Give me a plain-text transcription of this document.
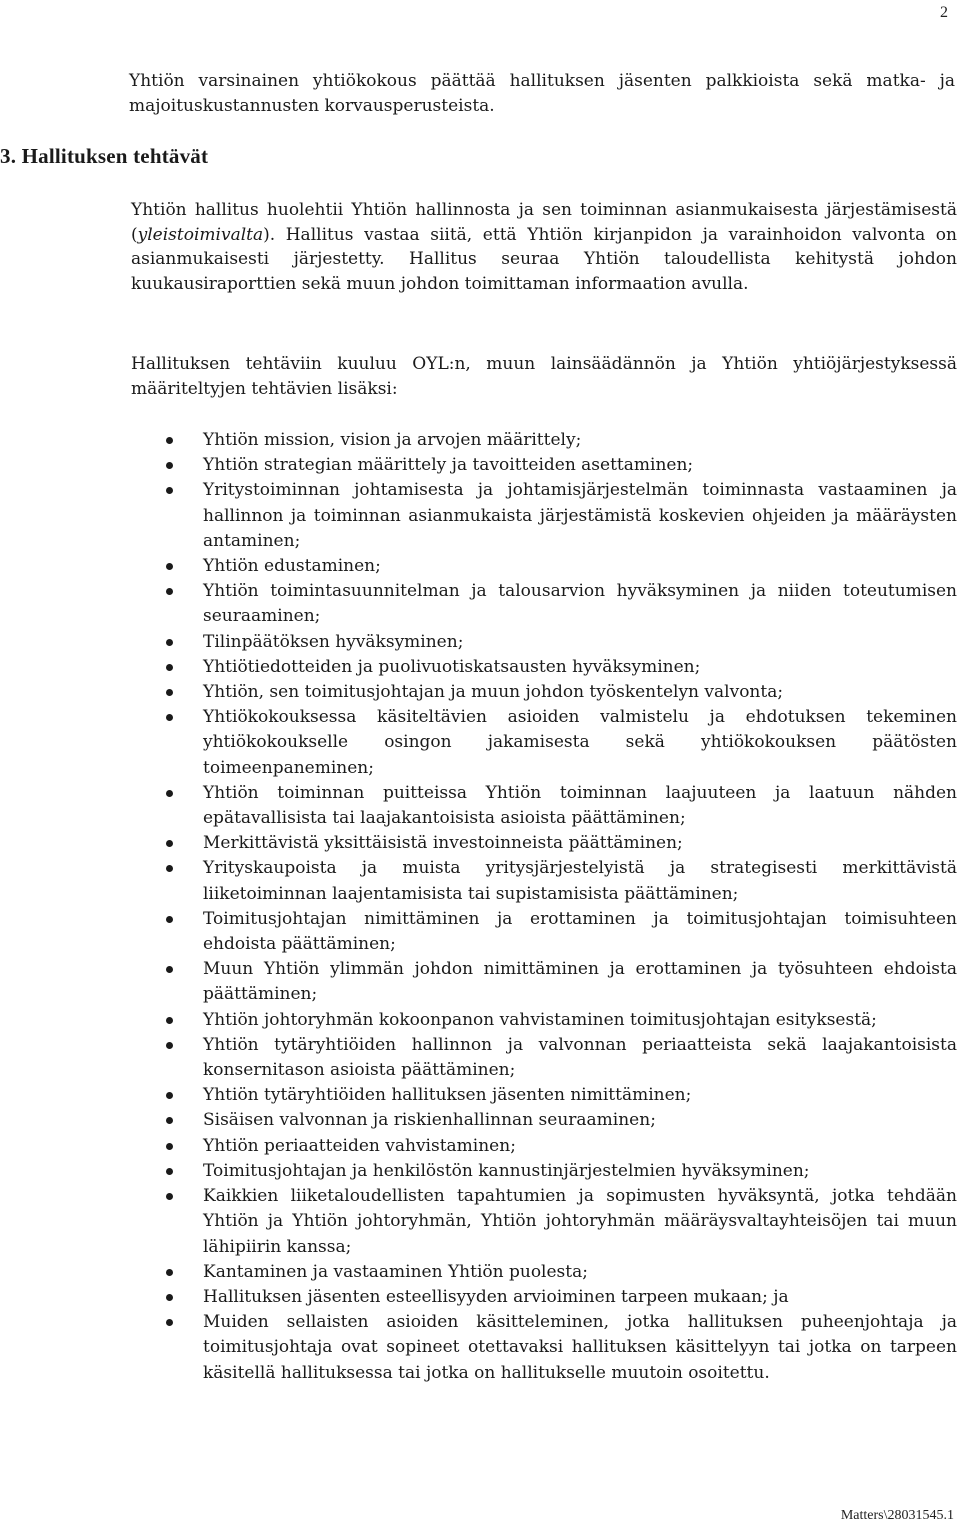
2

Yhtiön varsinainen yhtiökokous päättää hallituksen jäsenten palkkioista sekä matka- ja majoituskustannusten korvausperusteista.

3. Hallituksen tehtävät

Yhtiön hallitus huolehtii Yhtiön hallinnosta ja sen toiminnan asianmukaisesta järjestämisestä (yleistoimivalta). Hallitus vastaa siitä, että Yhtiön kirjanpidon ja varainhoidon valvonta on asianmukaisesti järjestetty. Hallitus seuraa Yhtiön taloudellista kehitystä johdon kuukausiraporttien sekä muun johdon toimittaman informaation avulla.

Hallituksen tehtäviin kuuluu OYL:n, muun lainsäädännön ja Yhtiön yhtiöjärjestyksessä määriteltyjen tehtävien lisäksi:

Yhtiön mission, vision ja arvojen määrittely;
Yhtiön strategian määrittely ja tavoitteiden asettaminen;
Yritystoiminnan johtamisesta ja johtamisjärjestelmän toiminnasta vastaaminen ja hallinnon ja toiminnan asianmukaista järjestämistä koskevien ohjeiden ja määräysten antaminen;
Yhtiön edustaminen;
Yhtiön toimintasuunnitelman ja talousarvion hyväksyminen ja niiden toteutumisen seuraaminen;
Tilinpäätöksen hyväksyminen;
Yhtiötiedotteiden ja puolivuotiskatsausten hyväksyminen;
Yhtiön, sen toimitusjohtajan ja muun johdon työskentelyn valvonta;
Yhtiökokouksessa käsiteltävien asioiden valmistelu ja ehdotuksen tekeminen yhtiökokoukselle osingon jakamisesta sekä yhtiökokouksen päätösten toimeenpaneminen;
Yhtiön toiminnan puitteissa Yhtiön toiminnan laajuuteen ja laatuun nähden epätavallisista tai laajakantoisista asioista päättäminen;
Merkittävistä yksittäisistä investoinneista päättäminen;
Yrityskaupoista ja muista yritysjärjestelyistä ja strategisesti merkittävistä liiketoiminnan laajentamisista tai supistamisista päättäminen;
Toimitusjohtajan nimittäminen ja erottaminen ja toimitusjohtajan toimisuhteen ehdoista päättäminen;
Muun Yhtiön ylimmän johdon nimittäminen ja erottaminen ja työsuhteen ehdoista päättäminen;
Yhtiön johtoryhmän kokoonpanon vahvistaminen toimitusjohtajan esityksestä;
Yhtiön tytäryhtiöiden hallinnon ja valvonnan periaatteista sekä laajakantoisista konsernitason asioista päättäminen;
Yhtiön tytäryhtiöiden hallituksen jäsenten nimittäminen;
Sisäisen valvonnan ja riskienhallinnan seuraaminen;
Yhtiön periaatteiden vahvistaminen;
Toimitusjohtajan ja henkilöstön kannustinjärjestelmien hyväksyminen;
Kaikkien liiketaloudellisten tapahtumien ja sopimusten hyväksyntä, jotka tehdään Yhtiön ja Yhtiön johtoryhmän, Yhtiön johtoryhmän määräysvaltayhteisöjen tai muun lähipiirin kanssa;
Kantaminen ja vastaaminen Yhtiön puolesta;
Hallituksen jäsenten esteellisyyden arvioiminen tarpeen mukaan; ja
Muiden sellaisten asioiden käsitteleminen, jotka hallituksen puheenjohtaja ja toimitusjohtaja ovat sopineet otettavaksi hallituksen käsittelyyn tai jotka on tarpeen käsitellä hallituksessa tai jotka on hallitukselle muutoin osoitettu.
Matters\28031545.1
